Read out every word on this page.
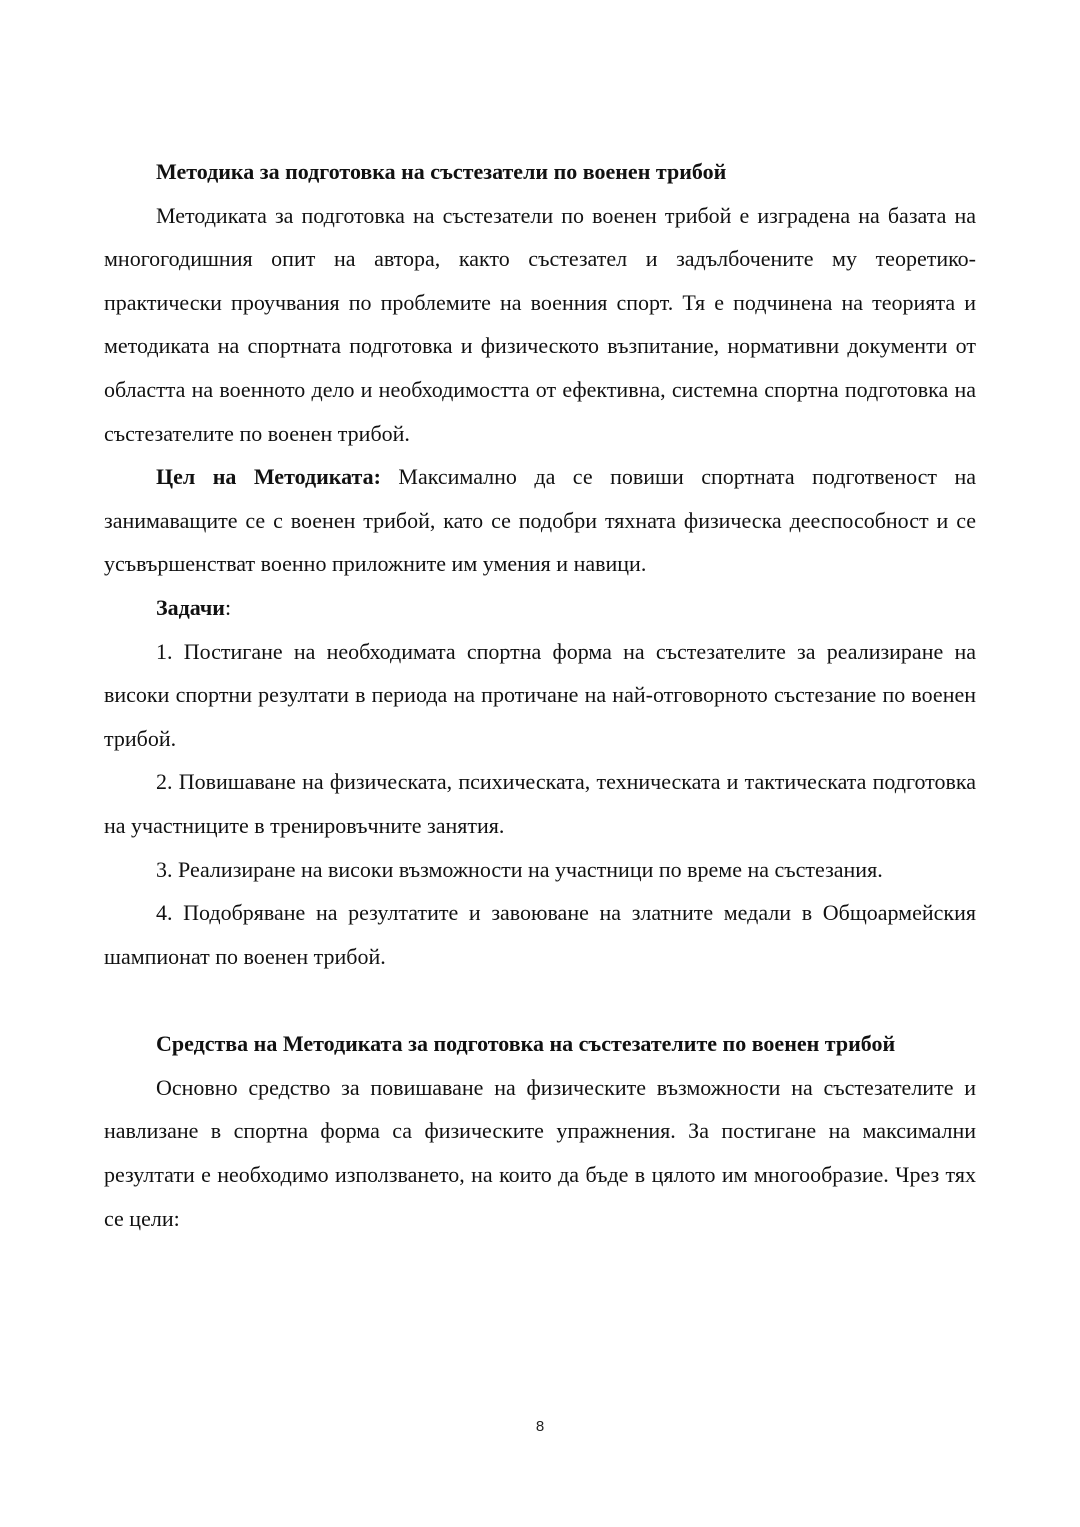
Методика за подготовка на състезатели по военен трибой

Методиката за подготовка на състезатели по военен трибой е изградена на базата на многогодишния опит на автора, както състезател и задълбочените му теоретико-практически проучвания по проблемите на военния спорт. Тя е подчинена на теорията и методиката на спортната подготовка и физическото възпитание, нормативни документи от областта на военното дело и необходимостта от ефективна, системна спортна подготовка на състезателите по военен трибой.

Цел на Методиката: Максимално да се повиши спортната подготвеност на занимаващите се с военен трибой, като се подобри тяхната физическа дееспособност и се усъвършенстват военно приложните им умения и навици.

Задачи:

1. Постигане на необходимата спортна форма на състезателите за реализиране на високи спортни резултати в периода на протичане на най-отговорното състезание по военен трибой.

2. Повишаване на физическата, психическата, техническата и тактическата подготовка на участниците в тренировъчните занятия.

3. Реализиране на високи възможности на участници по време на състезания.

4. Подобряване на резултатите и завоюване на златните медали в Общоармейския шампионат по военен трибой.

Средства на Методиката за подготовка на състезателите по военен трибой

Основно средство за повишаване на физическите възможности на състезателите и навлизане в спортна форма са физическите упражнения. За постигане на максимални резултати е необходимо използването, на които да бъде в цялото им многообразие. Чрез тях се цели:

8
